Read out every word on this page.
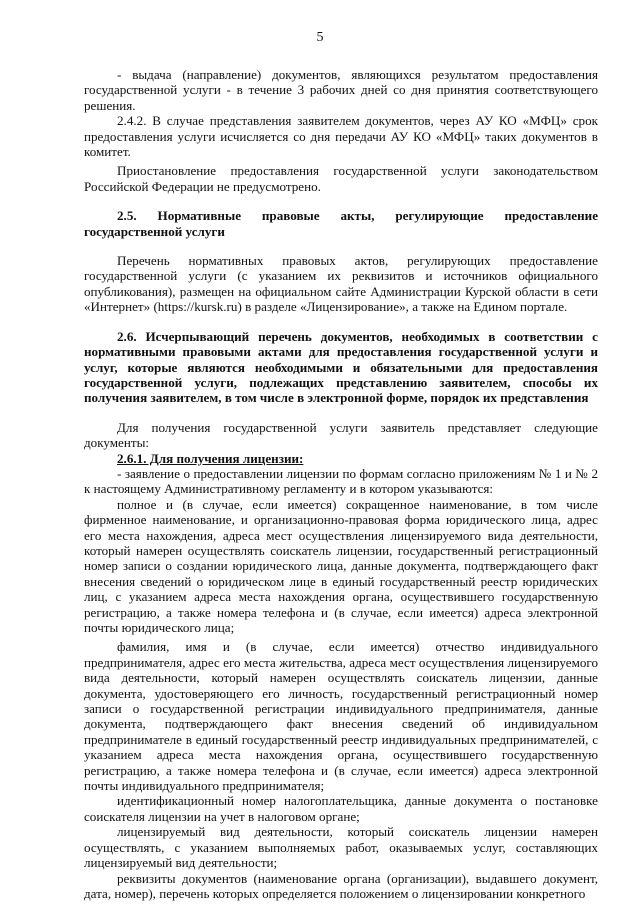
5

- выдача (направление) документов, являющихся результатом предоставления государственной услуги - в течение 3 рабочих дней со дня принятия соответствующего решения.

2.4.2. В случае представления заявителем документов, через АУ КО «МФЦ» срок предоставления услуги исчисляется со дня передачи АУ КО «МФЦ» таких документов в комитет.

Приостановление предоставления государственной услуги законодательством Российской Федерации не предусмотрено.

2.5. Нормативные правовые акты, регулирующие предоставление государственной услуги

Перечень нормативных правовых актов, регулирующих предоставление государственной услуги (с указанием их реквизитов и источников официального опубликования), размещен на официальном сайте Администрации Курской области в сети «Интернет» (https://kursk.ru) в разделе «Лицензирование», а также на Едином портале.

2.6. Исчерпывающий перечень документов, необходимых в соответствии с нормативными правовыми актами для предоставления государственной услуги и услуг, которые являются необходимыми и обязательными для предоставления государственной услуги, подлежащих представлению заявителем, способы их получения заявителем, в том числе в электронной форме, порядок их представления

Для получения государственной услуги заявитель представляет следующие документы:

2.6.1. Для получения лицензии:

- заявление о предоставлении лицензии по формам согласно приложениям № 1 и № 2 к настоящему Административному регламенту и в котором указываются:

полное и (в случае, если имеется) сокращенное наименование, в том числе фирменное наименование, и организационно-правовая форма юридического лица, адрес его места нахождения, адреса мест осуществления лицензируемого вида деятельности, который намерен осуществлять соискатель лицензии, государственный регистрационный номер записи о создании юридического лица, данные документа, подтверждающего факт внесения сведений о юридическом лице в единый государственный реестр юридических лиц, с указанием адреса места нахождения органа, осуществившего государственную регистрацию, а также номера телефона и (в случае, если имеется) адреса электронной почты юридического лица;

фамилия, имя и (в случае, если имеется) отчество индивидуального предпринимателя, адрес его места жительства, адреса мест осуществления лицензируемого вида деятельности, который намерен осуществлять соискатель лицензии, данные документа, удостоверяющего его личность, государственный регистрационный номер записи о государственной регистрации индивидуального предпринимателя, данные документа, подтверждающего факт внесения сведений об индивидуальном предпринимателе в единый государственный реестр индивидуальных предпринимателей, с указанием адреса места нахождения органа, осуществившего государственную регистрацию, а также номера телефона и (в случае, если имеется) адреса электронной почты индивидуального предпринимателя;

идентификационный номер налогоплательщика, данные документа о постановке соискателя лицензии на учет в налоговом органе;

лицензируемый вид деятельности, который соискатель лицензии намерен осуществлять, с указанием выполняемых работ, оказываемых услуг, составляющих лицензируемый вид деятельности;

реквизиты документов (наименование органа (организации), выдавшего документ, дата, номер), перечень которых определяется положением о лицензировании конкретного
